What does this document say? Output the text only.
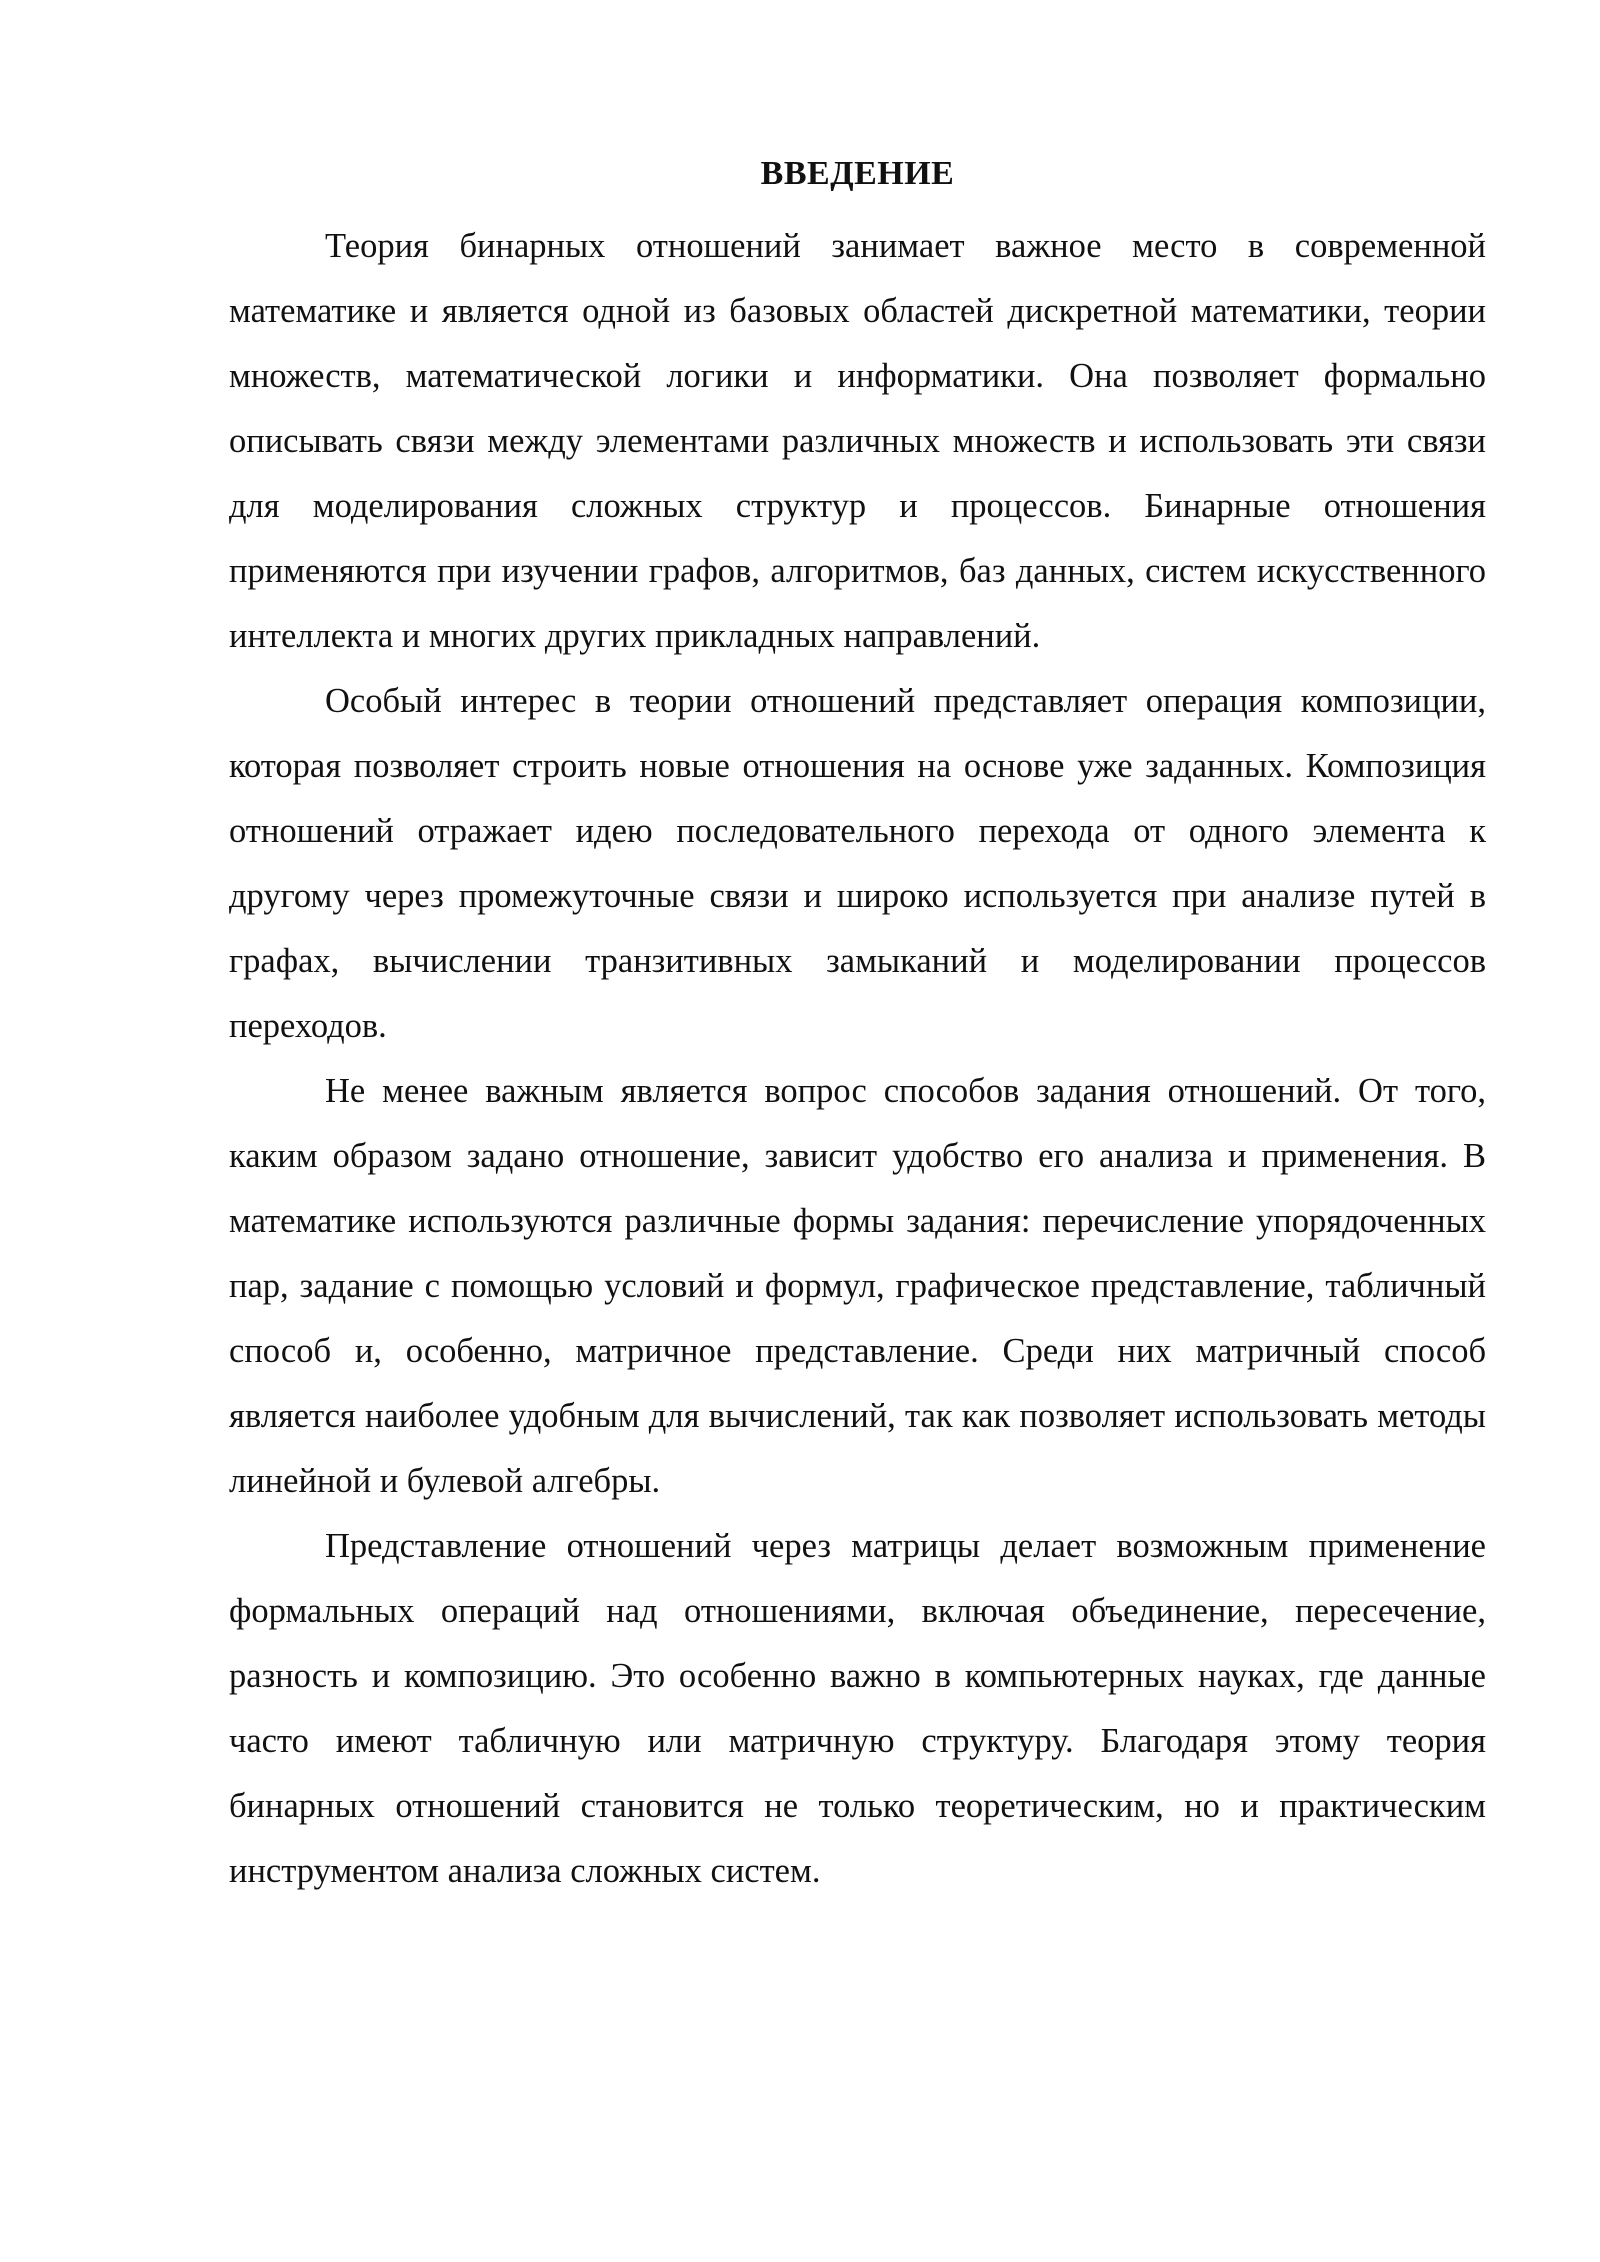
ВВЕДЕНИЕ

Теория бинарных отношений занимает важное место в современной математике и является одной из базовых областей дискретной математики, теории множеств, математической логики и информатики. Она позволяет формально описывать связи между элементами различных множеств и использовать эти связи для моделирования сложных структур и процессов. Бинарные отношения применяются при изучении графов, алгоритмов, баз данных, систем искусственного интеллекта и многих других прикладных направлений.

Особый интерес в теории отношений представляет операция композиции, которая позволяет строить новые отношения на основе уже заданных. Композиция отношений отражает идею последовательного перехода от одного элемента к другому через промежуточные связи и широко используется при анализе путей в графах, вычислении транзитивных замыканий и моделировании процессов переходов.

Не менее важным является вопрос способов задания отношений. От того, каким образом задано отношение, зависит удобство его анализа и применения. В математике используются различные формы задания: перечисление упорядоченных пар, задание с помощью условий и формул, графическое представление, табличный способ и, особенно, матричное представление. Среди них матричный способ является наиболее удобным для вычислений, так как позволяет использовать методы линейной и булевой алгебры.

Представление отношений через матрицы делает возможным применение формальных операций над отношениями, включая объединение, пересечение, разность и композицию. Это особенно важно в компьютерных науках, где данные часто имеют табличную или матричную структуру. Благодаря этому теория бинарных отношений становится не только теоретическим, но и практическим инструментом анализа сложных систем.
